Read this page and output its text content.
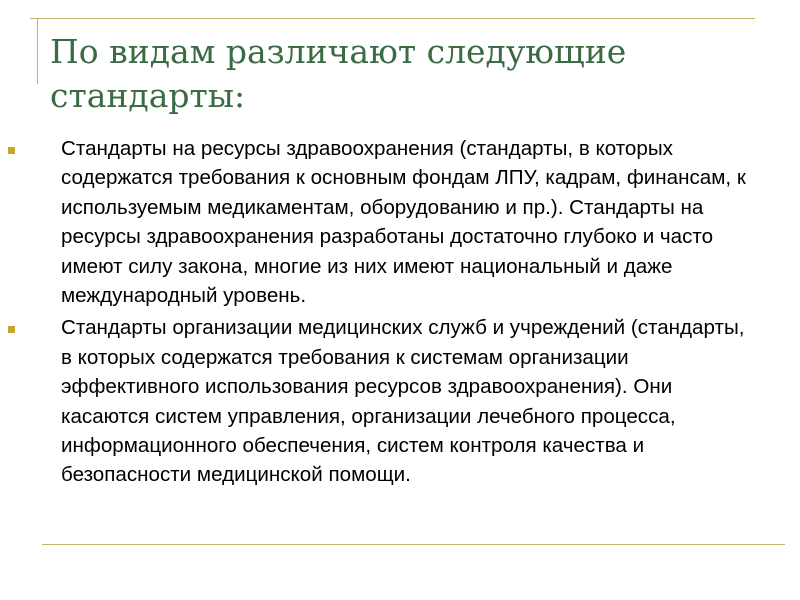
По видам различают следующие стандарты:
Стандарты на ресурсы здравоохранения (стандарты, в которых содержатся требования к основным фондам ЛПУ, кадрам, финансам, к используемым медикаментам, оборудованию и пр.). Стандарты на ресурсы здравоохранения разработаны достаточно глубоко и часто имеют силу закона, многие из них имеют национальный и даже международный уровень.
Стандарты организации медицинских служб и учреждений (стандарты, в которых содержатся требования к системам организации эффективного использования ресурсов здравоохранения). Они касаются систем управления, организации лечебного процесса, информационного обеспечения, систем контроля качества и безопасности медицинской помощи.
